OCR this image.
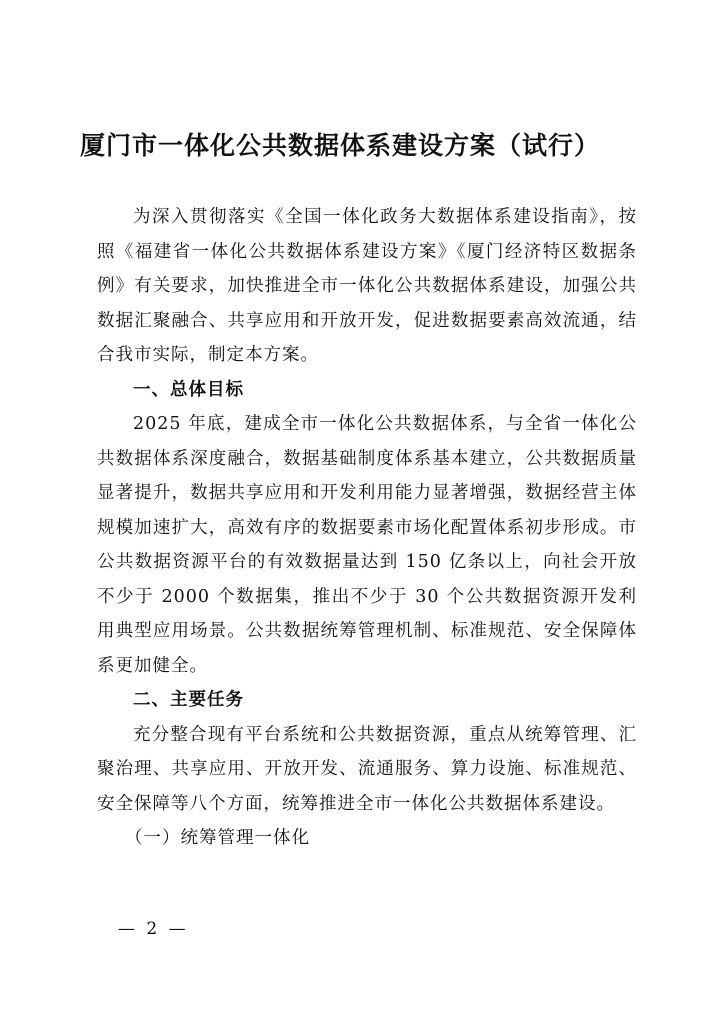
厦门市一体化公共数据体系建设方案（试行）

为深入贯彻落实《全国一体化政务大数据体系建设指南》，按照《福建省一体化公共数据体系建设方案》《厦门经济特区数据条例》有关要求，加快推进全市一体化公共数据体系建设，加强公共数据汇聚融合、共享应用和开放开发，促进数据要素高效流通，结合我市实际，制定本方案。

一、总体目标

2025 年底，建成全市一体化公共数据体系，与全省一体化公共数据体系深度融合，数据基础制度体系基本建立，公共数据质量显著提升，数据共享应用和开发利用能力显著增强，数据经营主体规模加速扩大，高效有序的数据要素市场化配置体系初步形成。市公共数据资源平台的有效数据量达到 150 亿条以上，向社会开放不少于 2000 个数据集，推出不少于 30 个公共数据资源开发利用典型应用场景。公共数据统筹管理机制、标准规范、安全保障体系更加健全。

二、主要任务

充分整合现有平台系统和公共数据资源，重点从统筹管理、汇聚治理、共享应用、开放开发、流通服务、算力设施、标准规范、安全保障等八个方面，统筹推进全市一体化公共数据体系建设。

（一）统筹管理一体化

— 2 —
